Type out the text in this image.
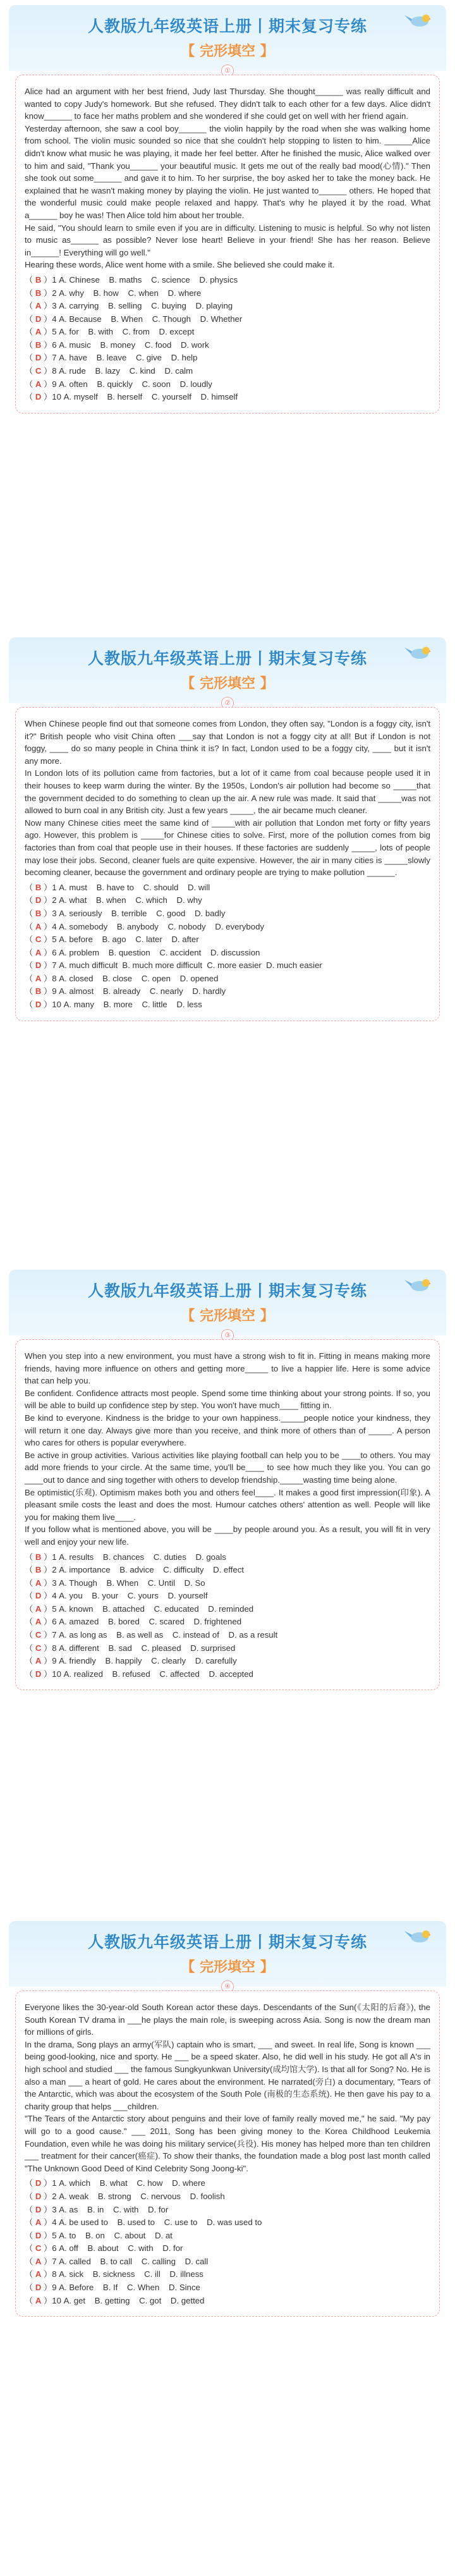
人教版九年级英语上册丨期末复习专练
【 完形填空 】
①

Alice had an argument with her best friend, Judy last Thursday. She thought______ was really difficult and wanted to copy Judy's homework. But she refused. They didn't talk to each other for a few days. Alice didn't know______ to face her maths problem and she wondered if she could get on well with her friend again.

Yesterday afternoon, she saw a cool boy______ the violin happily by the road when she was walking home from school. The violin music sounded so nice that she couldn't help stopping to listen to him. ______Alice didn't know what music he was playing, it made her feel better. After he finished the music, Alice walked over to him and said, "Thank you______ your beautiful music. It gets me out of the really bad mood(心情)." Then she took out some______ and gave it to him. To her surprise, the boy asked her to take the money back. He explained that he wasn't making money by playing the violin. He just wanted to______ others. He hoped that the wonderful music could make people relaxed and happy. That's why he played it by the road. What a______ boy he was! Then Alice told him about her trouble.

He said, "You should learn to smile even if you are in difficulty. Listening to music is helpful. So why not listen to music as______ as possible? Never lose heart! Believe in your friend! She has her reason. Believe in______! Everything will go well."

Hearing these words, Alice went home with a smile. She believed she could make it.

（ B ）1 A. Chinese    B. maths    C. science    D. physics
（ B ）2 A. why    B. how    C. when    D. where
（ A ）3 A. carrying    B. selling    C. buying    D. playing
（ D ）4 A. Because    B. When    C. Though    D. Whether
（ A ）5 A. for    B. with    C. from    D. except
（ B ）6 A. music    B. money    C. food    D. work
（ D ）7 A. have    B. leave    C. give    D. help
（ C ）8 A. rude    B. lazy    C. kind    D. calm
（ A ）9 A. often    B. quickly    C. soon    D. loudly
（ D ）10 A. myself    B. herself    C. yourself    D. himself
人教版九年级英语上册丨期末复习专练
【 完形填空 】
②

When Chinese people find out that someone comes from London, they often say, "London is a foggy city, isn't it?" British people who visit China often ___say that London is not a foggy city at all! But if London is not foggy, ____ do so many people in China think it is? In fact, London used to be a foggy city, ____ but it isn't any more.

In London lots of its pollution came from factories, but a lot of it came from coal because people used it in their houses to keep warm during the winter. By the 1950s, London's air pollution had become so _____that the government decided to do something to clean up the air. A new rule was made. It said that _____was not allowed to burn coal in any British city. Just a few years _____, the air became much cleaner.

Now many Chinese cities meet the same kind of _____with air pollution that London met forty or fifty years ago. However, this problem is _____for Chinese cities to solve. First, more of the pollution comes from big factories than from coal that people use in their houses. If these factories are suddenly _____, lots of people may lose their jobs. Second, cleaner fuels are quite expensive. However, the air in many cities is _____slowly becoming cleaner, because the government and ordinary people are trying to make pollution ______.

（ B ）1 A. must    B. have to    C. should    D. will
（ D ）2 A. what    B. when    C. which    D. why
（ B ）3 A. seriously    B. terrible    C. good    D. badly
（ A ）4 A. somebody    B. anybody    C. nobody    D. everybody
（ C ）5 A. before    B. ago    C. later    D. after
（ A ）6 A. problem    B. question    C. accident    D. discussion
（ D ）7 A. much difficult  B. much more difficult  C. more easier  D. much easier
（ A ）8 A. closed    B. close    C. open    D. opened
（ B ）9 A. almost    B. already    C. nearly    D. hardly
（ D ）10 A. many    B. more    C. little    D. less
人教版九年级英语上册丨期末复习专练
【 完形填空 】
③

When you step into a new environment, you must have a strong wish to fit in. Fitting in means making more friends, having more influence on others and getting more_____ to live a happier life. Here is some advice that can help you.

Be confident. Confidence attracts most people. Spend some time thinking about your strong points. If so, you will be able to build up confidence step by step. You won't have much____ fitting in.

Be kind to everyone. Kindness is the bridge to your own happiness._____people notice your kindness, they will return it one day. Always give more than you receive, and think more of others than of _____. A person who cares for others is popular everywhere.

Be active in group activities. Various activities like playing football can help you to be ____to others. You may add more friends to your circle. At the same time, you'll be____ to see how much they like you. You can go ____out to dance and sing together with others to develop friendship._____wasting time being alone.

Be optimistic(乐观). Optimism makes both you and others feel____. It makes a good first impression(印象). A pleasant smile costs the least and does the most. Humour catches others' attention as well. People will like you for making them live____.

If you follow what is mentioned above, you will be ____by people around you. As a result, you will fit in very well and enjoy your new life.

（ B ）1 A. results    B. chances    C. duties    D. goals
（ B ）2 A. importance    B. advice    C. difficulty    D. effect
（ A ）3 A. Though    B. When    C. Until    D. So
（ D ）4 A. you    B. your    C. yours    D. yourself
（ A ）5 A. known    B. attached    C. educated    D. reminded
（ A ）6 A. amazed    B. bored    C. scared    D. frightened
（ C ）7 A. as long as    B. as well as    C. instead of    D. as a result
（ C ）8 A. different    B. sad    C. pleased    D. surprised
（ A ）9 A. friendly    B. happily    C. clearly    D. carefully
（ D ）10 A. realized    B. refused    C. affected    D. accepted
人教版九年级英语上册丨期末复习专练
【 完形填空 】
④

Everyone likes the 30-year-old South Korean actor these days. Descendants of the Sun(《太阳的后裔》), the South Korean TV drama in ___he plays the main role, is sweeping across Asia. Song is now the dream man for millions of girls.

In the drama, Song plays an army(军队) captain who is smart, ___ and sweet. In real life, Song is known ___ being good-looking, nice and sporty. He ___ be a speed skater. Also, he did well in his study. He got all A's in high school and studied ___ the famous Sungkyunkwan University(成均馆大学). Is that all for Song? No. He is also a man ___ a heart of gold. He cares about the environment. He narrated(旁白) a documentary, "Tears of the Antarctic, which was about the ecosystem of the South Pole (南极的生态系统). He then gave his pay to a charity group that helps ___children.

"The Tears of the Antarctic story about penguins and their love of family really moved me," he said. "My pay will go to a good cause." ___ 2011, Song has been giving money to the Korea Childhood Leukemia Foundation, even while he was doing his military service(兵役). His money has helped more than ten children ___ treatment for their cancer(癌症). To show their thanks, the foundation made a blog post last month called "The Unknown Good Deed of Kind Celebrity Song Joong-ki".

（ D ）1 A. which    B. what    C. how    D. where
（ D ）2 A. weak    B. strong    C. nervous    D. foolish
（ D ）3 A. as    B. in    C. with    D. for
（ A ）4 A. be used to    B. used to    C. use to    D. was used to
（ D ）5 A. to    B. on    C. about    D. at
（ C ）6 A. off    B. about    C. with    D. for
（ A ）7 A. called    B. to call    C. calling    D. call
（ A ）8 A. sick    B. sickness    C. ill    D. illness
（ D ）9 A. Before    B. If    C. When    D. Since
（ A ）10 A. get    B. getting    C. got    D. getted
